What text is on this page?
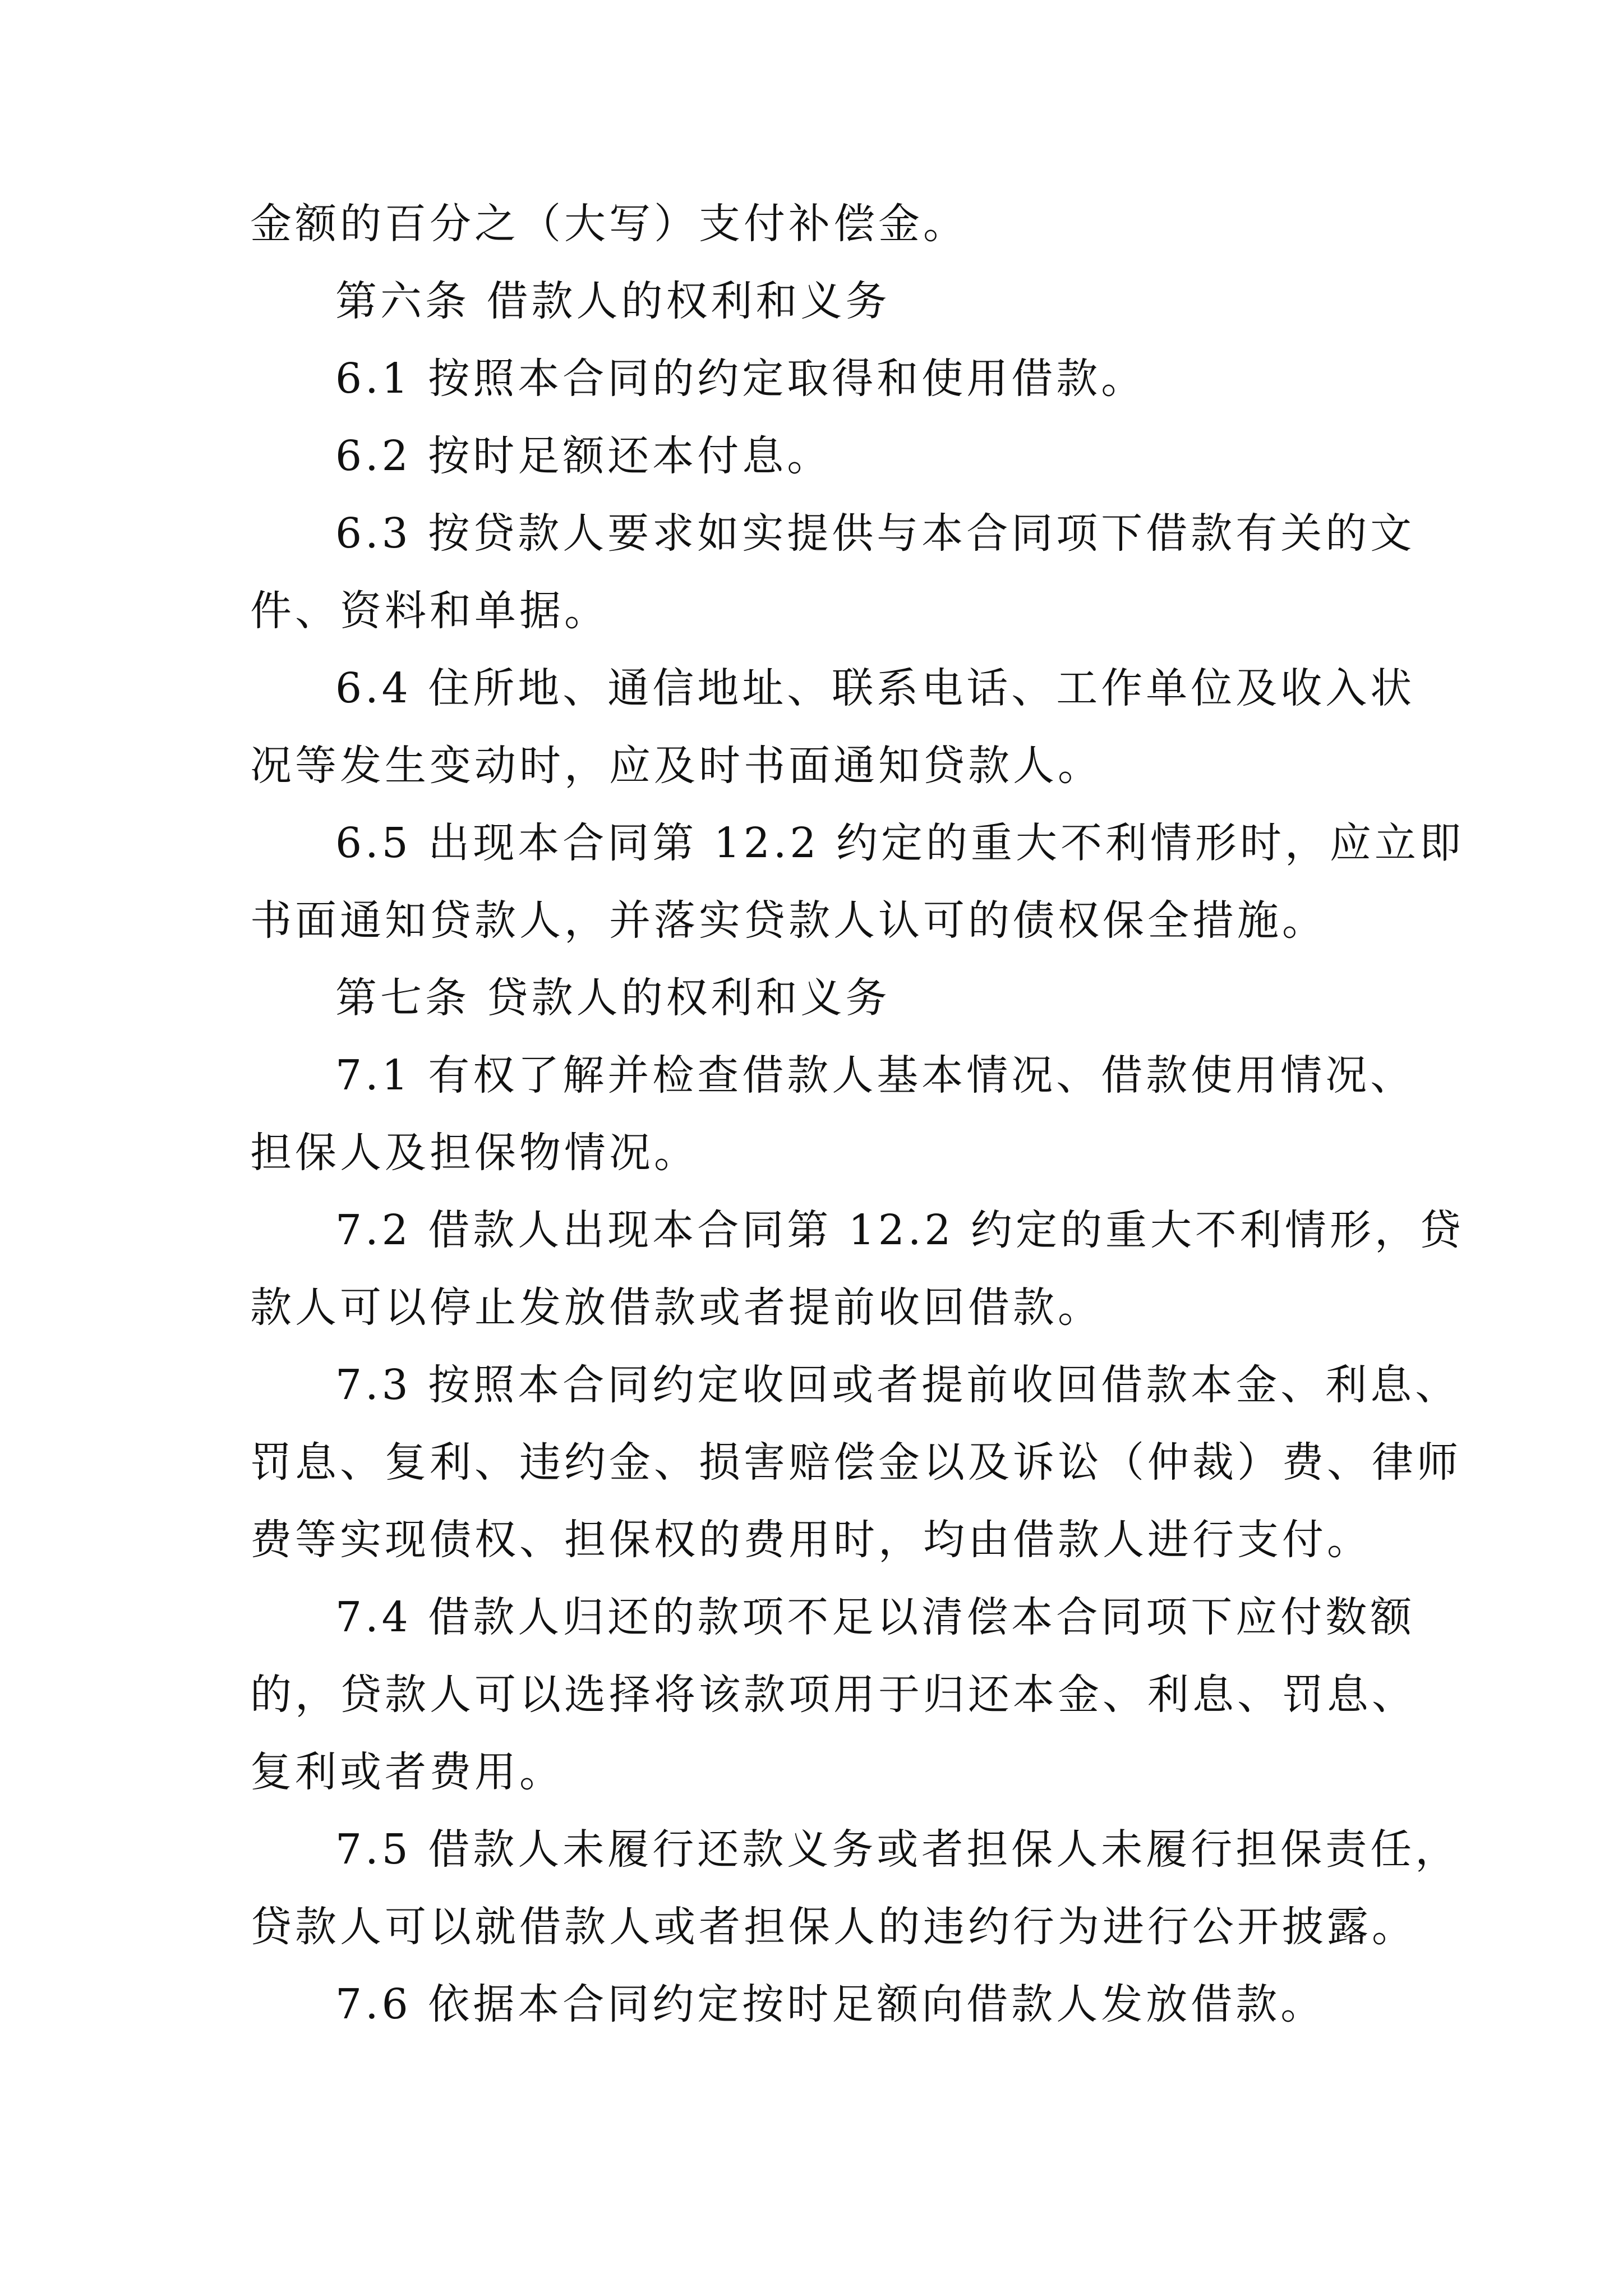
金额的百分之（大写）支付补偿金。
第六条 借款人的权利和义务
6.1 按照本合同的约定取得和使用借款。
6.2 按时足额还本付息。
6.3 按贷款人要求如实提供与本合同项下借款有关的文
件、资料和单据。
6.4 住所地、通信地址、联系电话、工作单位及收入状
况等发生变动时，应及时书面通知贷款人。
6.5 出现本合同第 12.2 约定的重大不利情形时，应立即
书面通知贷款人，并落实贷款人认可的债权保全措施。
第七条 贷款人的权利和义务
7.1 有权了解并检查借款人基本情况、借款使用情况、
担保人及担保物情况。
7.2 借款人出现本合同第 12.2 约定的重大不利情形，贷
款人可以停止发放借款或者提前收回借款。
7.3 按照本合同约定收回或者提前收回借款本金、利息、
罚息、复利、违约金、损害赔偿金以及诉讼（仲裁）费、律师
费等实现债权、担保权的费用时，均由借款人进行支付。
7.4 借款人归还的款项不足以清偿本合同项下应付数额
的，贷款人可以选择将该款项用于归还本金、利息、罚息、
复利或者费用。
7.5 借款人未履行还款义务或者担保人未履行担保责任，
贷款人可以就借款人或者担保人的违约行为进行公开披露。
7.6 依据本合同约定按时足额向借款人发放借款。
